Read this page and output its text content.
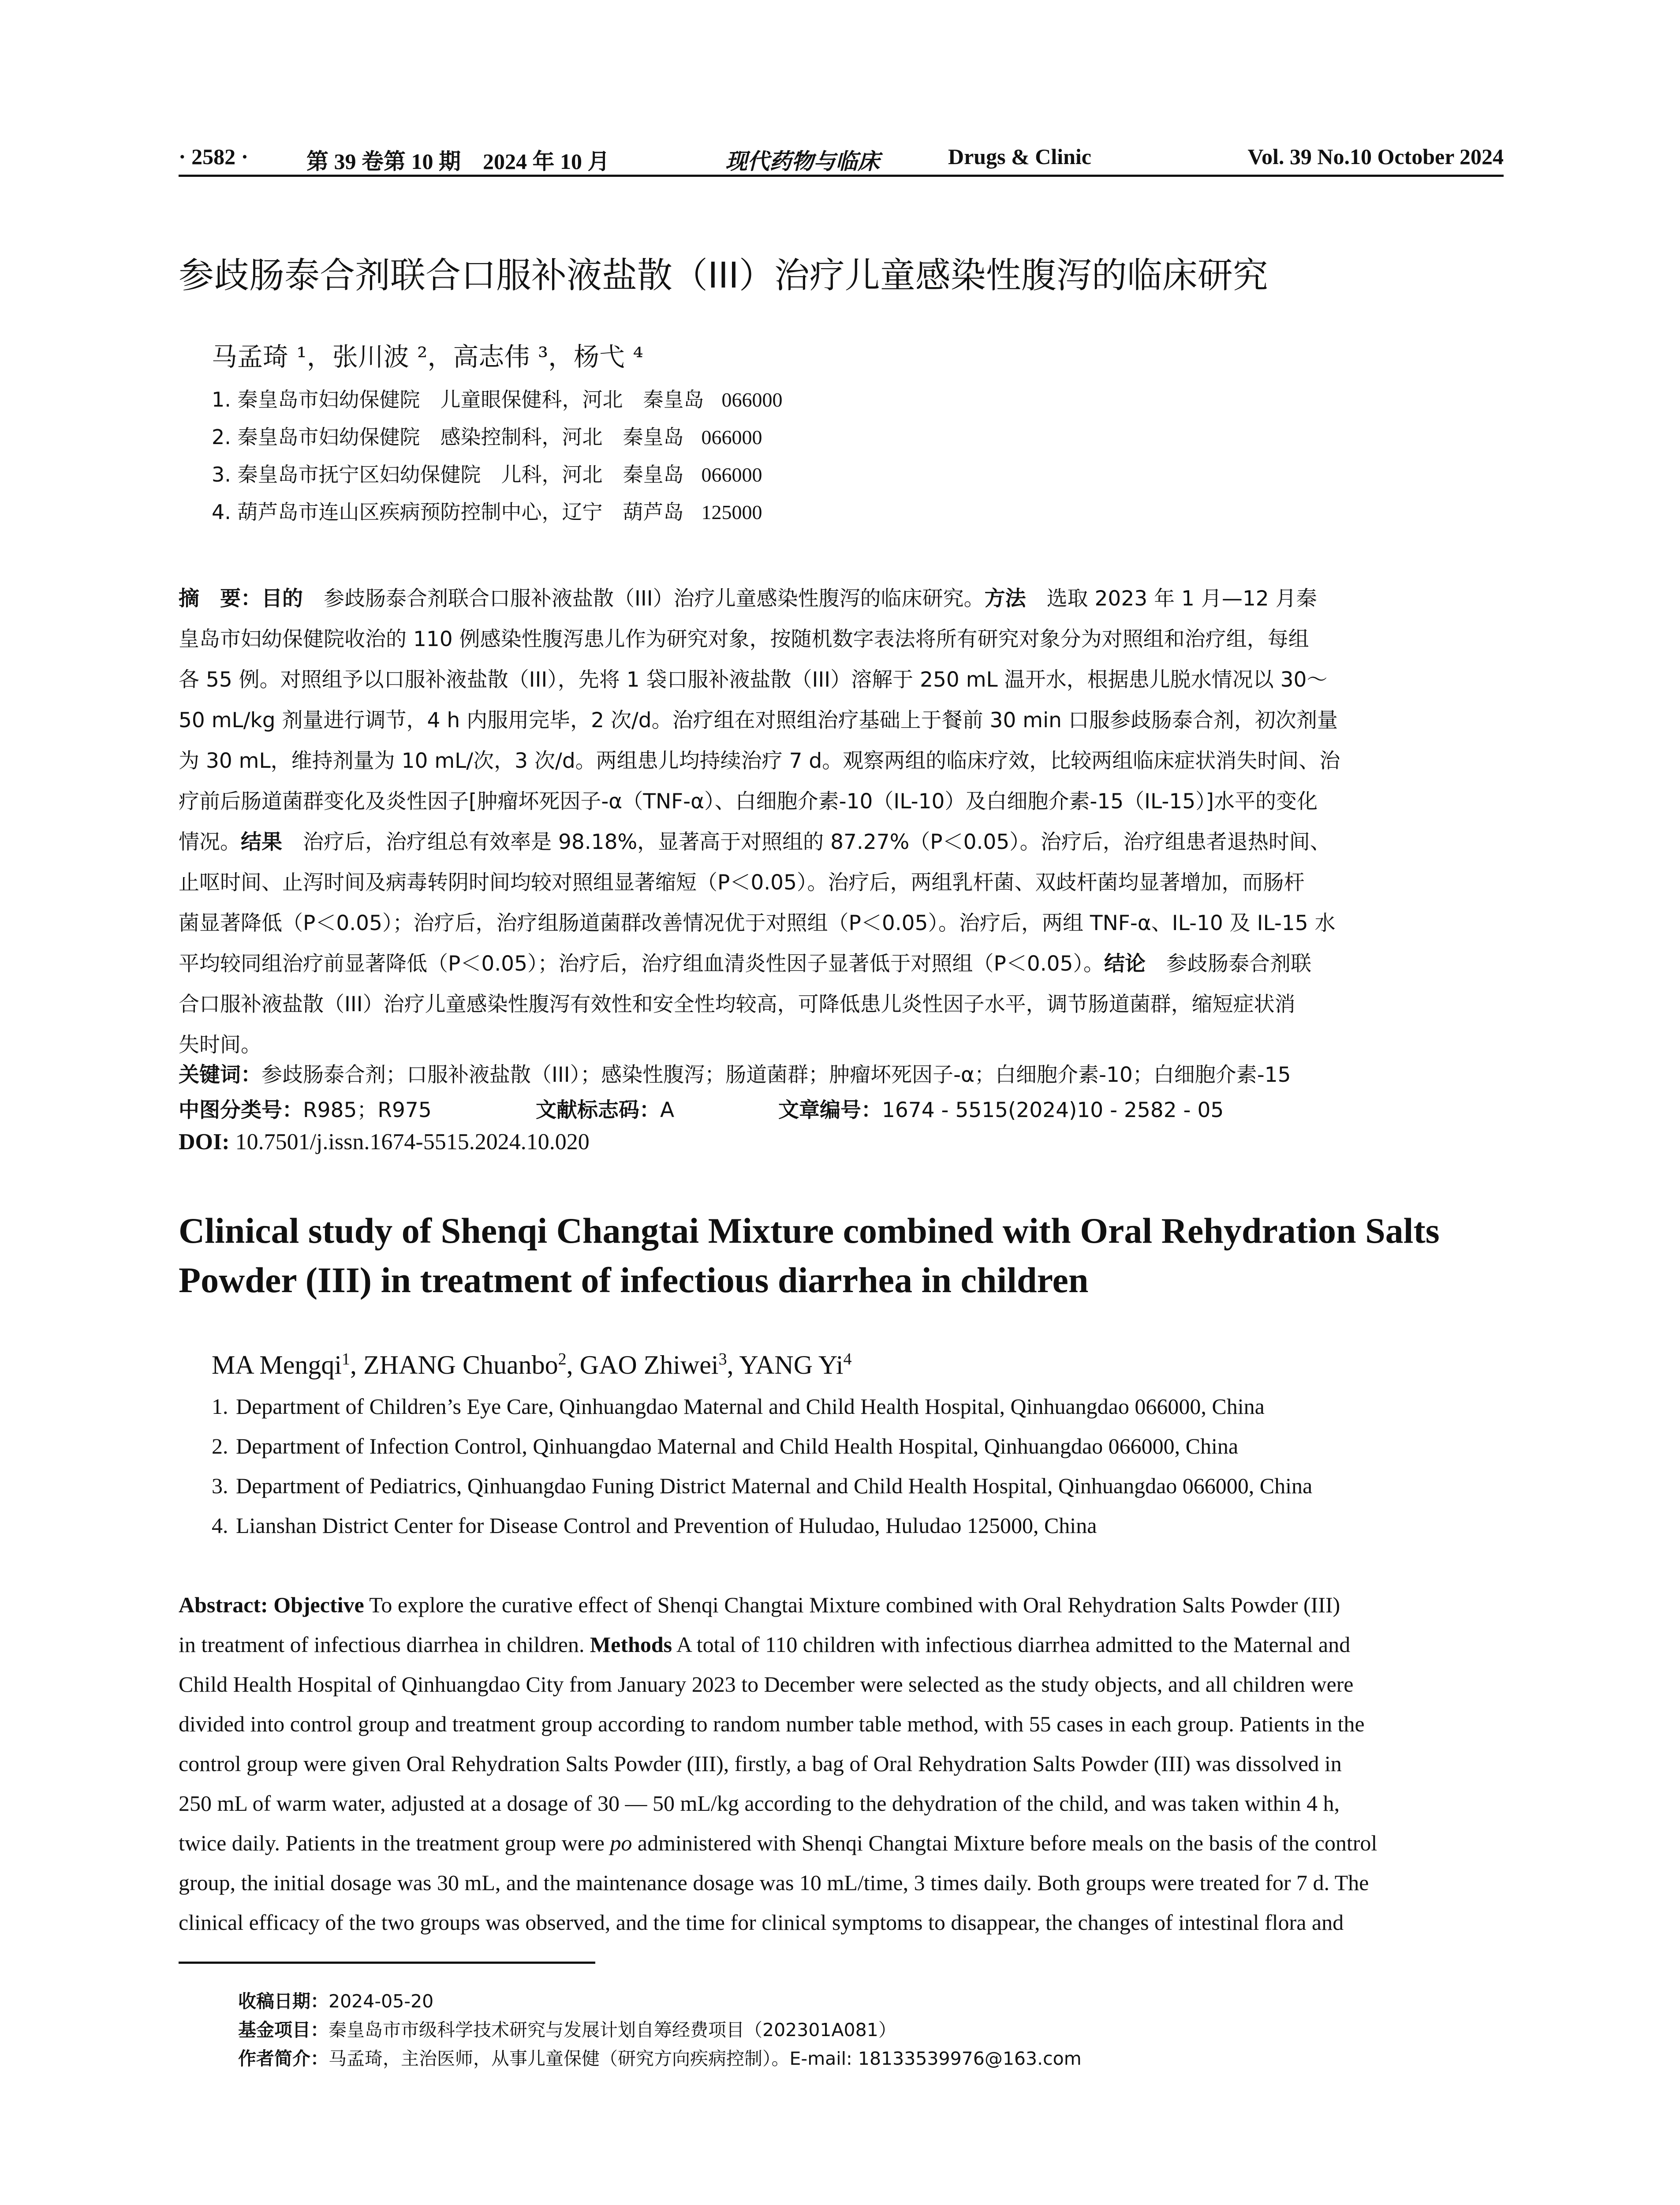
· 2582 ·	第 39 卷第 10 期　2024 年 10 月	现代药物与临床	Drugs & Clinic	Vol. 39 No.10 October 2024
参歧肠泰合剂联合口服补液盐散（III）治疗儿童感染性腹泻的临床研究
马孟琦 ¹，张川波 ²，高志伟 ³，杨弋 ⁴
1. 秦皇岛市妇幼保健院　儿童眼保健科，河北　秦皇岛 066000
2. 秦皇岛市妇幼保健院　感染控制科，河北　秦皇岛 066000
3. 秦皇岛市抚宁区妇幼保健院　儿科，河北　秦皇岛 066000
4. 葫芦岛市连山区疾病预防控制中心，辽宁　葫芦岛 125000
摘　要：目的　参歧肠泰合剂联合口服补液盐散（III）治疗儿童感染性腹泻的临床研究。方法　选取 2023 年 1 月—12 月秦
皇岛市妇幼保健院收治的 110 例感染性腹泻患儿作为研究对象，按随机数字表法将所有研究对象分为对照组和治疗组，每组
各 55 例。对照组予以口服补液盐散（III），先将 1 袋口服补液盐散（III）溶解于 250 mL 温开水，根据患儿脱水情况以 30～
50 mL/kg 剂量进行调节，4 h 内服用完毕，2 次/d。治疗组在对照组治疗基础上于餐前 30 min 口服参歧肠泰合剂，初次剂量
为 30 mL，维持剂量为 10 mL/次，3 次/d。两组患儿均持续治疗 7 d。观察两组的临床疗效，比较两组临床症状消失时间、治
疗前后肠道菌群变化及炎性因子[肿瘤坏死因子-α（TNF-α）、白细胞介素-10（IL-10）及白细胞介素-15（IL-15）]水平的变化
情况。结果　治疗后，治疗组总有效率是 98.18%，显著高于对照组的 87.27%（P＜0.05）。治疗后，治疗组患者退热时间、
止呕时间、止泻时间及病毒转阴时间均较对照组显著缩短（P＜0.05）。治疗后，两组乳杆菌、双歧杆菌均显著增加，而肠杆
菌显著降低（P＜0.05）；治疗后，治疗组肠道菌群改善情况优于对照组（P＜0.05）。治疗后，两组 TNF-α、IL-10 及 IL-15 水
平均较同组治疗前显著降低（P＜0.05）；治疗后，治疗组血清炎性因子显著低于对照组（P＜0.05）。结论　参歧肠泰合剂联
合口服补液盐散（III）治疗儿童感染性腹泻有效性和安全性均较高，可降低患儿炎性因子水平，调节肠道菌群，缩短症状消
失时间。
关键词：参歧肠泰合剂；口服补液盐散（III）；感染性腹泻；肠道菌群；肿瘤坏死因子-α；白细胞介素-10；白细胞介素-15
中图分类号：R985；R975	文献标志码：A	文章编号：1674 - 5515(2024)10 - 2582 - 05
DOI: 10.7501/j.issn.1674-5515.2024.10.020
Clinical study of Shenqi Changtai Mixture combined with Oral Rehydration Salts Powder (III) in treatment of infectious diarrhea in children
MA Mengqi$^1$, ZHANG Chuanbo$^2$, GAO Zhiwei$^3$, YANG Yi$^4$
1. Department of Children’s Eye Care, Qinhuangdao Maternal and Child Health Hospital, Qinhuangdao 066000, China
2. Department of Infection Control, Qinhuangdao Maternal and Child Health Hospital, Qinhuangdao 066000, China
3. Department of Pediatrics, Qinhuangdao Funing District Maternal and Child Health Hospital, Qinhuangdao 066000, China
4. Lianshan District Center for Disease Control and Prevention of Huludao, Huludao 125000, China
Abstract: Objective To explore the curative effect of Shenqi Changtai Mixture combined with Oral Rehydration Salts Powder (III)
in treatment of infectious diarrhea in children. Methods A total of 110 children with infectious diarrhea admitted to the Maternal and
Child Health Hospital of Qinhuangdao City from January 2023 to December were selected as the study objects, and all children were
divided into control group and treatment group according to random number table method, with 55 cases in each group. Patients in the
control group were given Oral Rehydration Salts Powder (III), firstly, a bag of Oral Rehydration Salts Powder (III) was dissolved in
250 mL of warm water, adjusted at a dosage of 30 — 50 mL/kg according to the dehydration of the child, and was taken within 4 h,
twice daily. Patients in the treatment group were po administered with Shenqi Changtai Mixture before meals on the basis of the control
group, the initial dosage was 30 mL, and the maintenance dosage was 10 mL/time, 3 times daily. Both groups were treated for 7 d. The
clinical efficacy of the two groups was observed, and the time for clinical symptoms to disappear, the changes of intestinal flora and
收稿日期：2024-05-20
基金项目：秦皇岛市市级科学技术研究与发展计划自筹经费项目（202301A081）
作者简介：马孟琦，主治医师，从事儿童保健（研究方向疾病控制）。E-mail: 18133539976@163.com
